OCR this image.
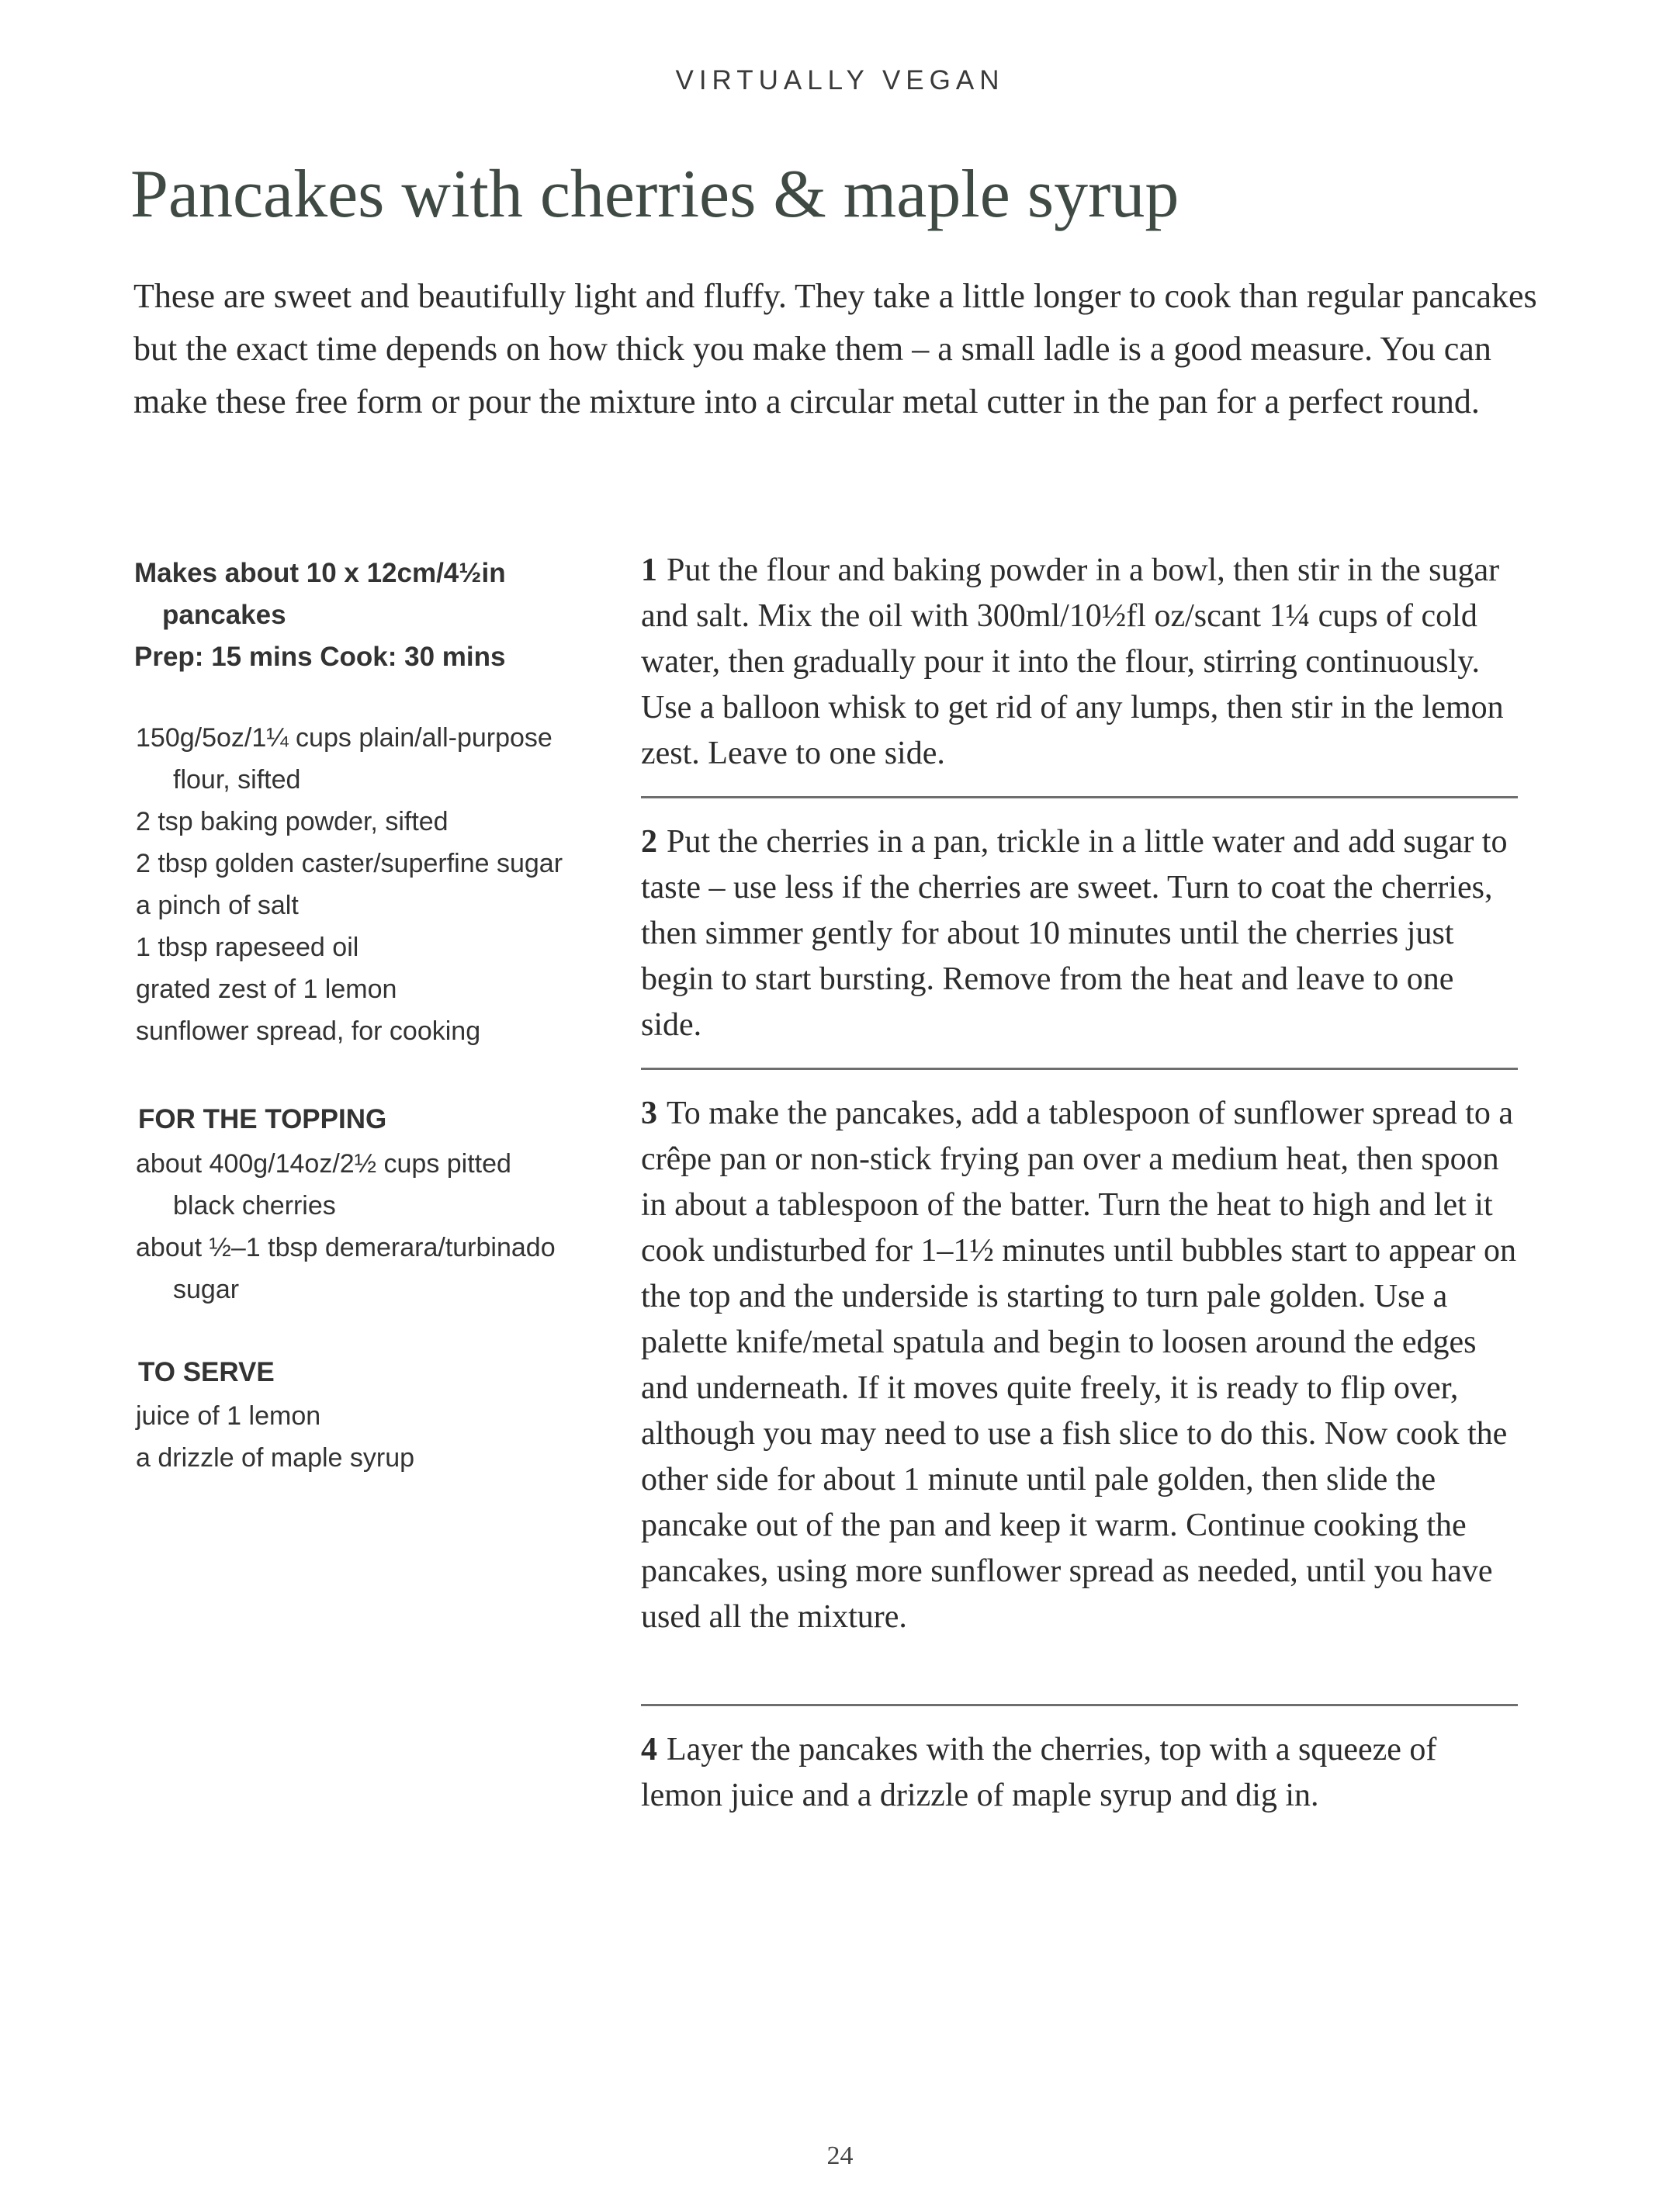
VIRTUALLY VEGAN
Pancakes with cherries & maple syrup

These are sweet and beautifully light and fluffy. They take a little longer to cook than regular pancakes but the exact time depends on how thick you make them – a small ladle is a good measure. You can make these free form or pour the mixture into a circular metal cutter in the pan for a perfect round.

Makes about 10 x 12cm/4½in
pancakes
Prep: 15 mins Cook: 30 mins
150g/5oz/1¼ cups plain/all-purpose
flour, sifted
2 tsp baking powder, sifted
2 tbsp golden caster/superfine sugar
a pinch of salt
1 tbsp rapeseed oil
grated zest of 1 lemon
sunflower spread, for cooking
FOR THE TOPPING
about 400g/14oz/2½ cups pitted
black cherries
about ½–1 tbsp demerara/turbinado
sugar
TO SERVE
juice of 1 lemon
a drizzle of maple syrup

1 Put the flour and baking powder in a bowl, then stir in the sugar and salt. Mix the oil with 300ml/10½fl oz/scant 1¼ cups of cold water, then gradually pour it into the flour, stirring continuously. Use a balloon whisk to get rid of any lumps, then stir in the lemon zest. Leave to one side.

2 Put the cherries in a pan, trickle in a little water and add sugar to taste – use less if the cherries are sweet. Turn to coat the cherries, then simmer gently for about 10 minutes until the cherries just begin to start bursting. Remove from the heat and leave to one side.

3 To make the pancakes, add a tablespoon of sunflower spread to a crêpe pan or non-stick frying pan over a medium heat, then spoon in about a tablespoon of the batter. Turn the heat to high and let it cook undisturbed for 1–1½ minutes until bubbles start to appear on the top and the underside is starting to turn pale golden. Use a palette knife/metal spatula and begin to loosen around the edges and underneath. If it moves quite freely, it is ready to flip over, although you may need to use a fish slice to do this. Now cook the other side for about 1 minute until pale golden, then slide the pancake out of the pan and keep it warm. Continue cooking the pancakes, using more sunflower spread as needed, until you have used all the mixture.

4 Layer the pancakes with the cherries, top with a squeeze of lemon juice and a drizzle of maple syrup and dig in.

24
